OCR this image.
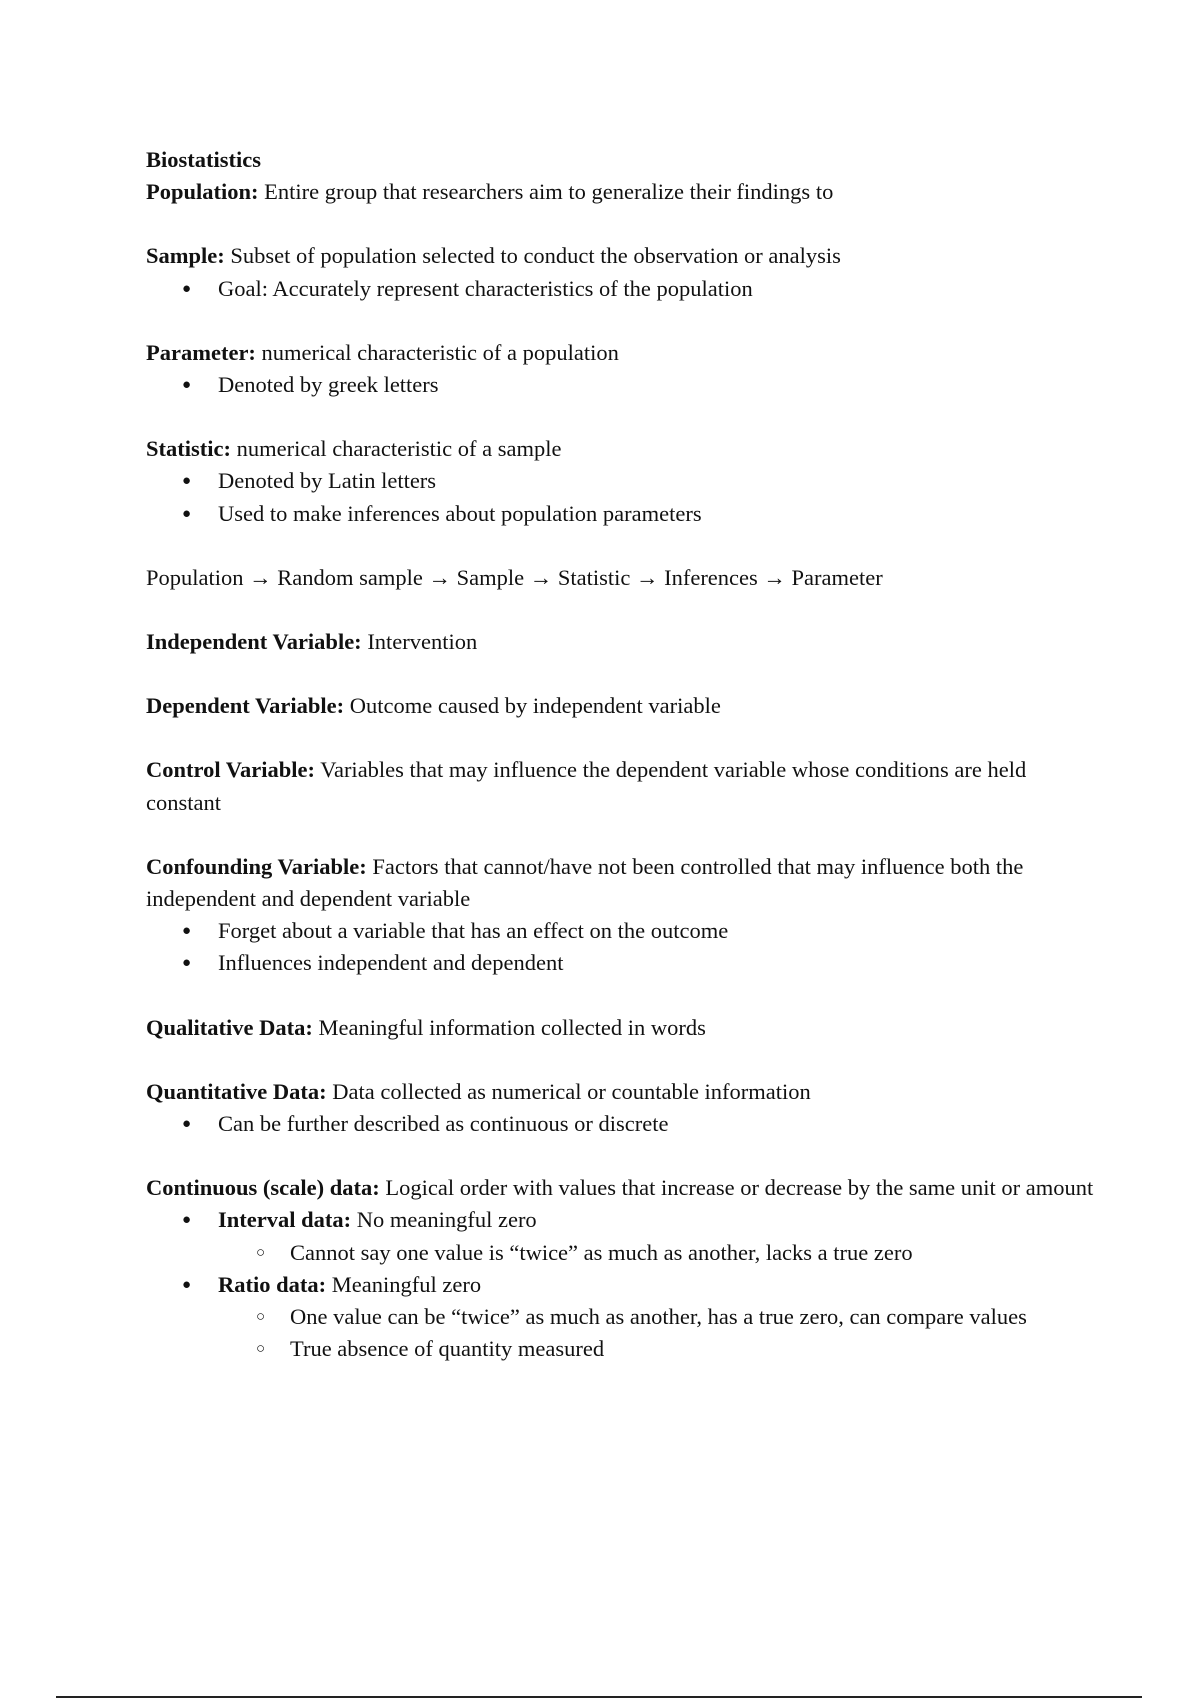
Biostatistics

Population: Entire group that researchers aim to generalize their findings to

Sample: Subset of population selected to conduct the observation or analysis

● Goal: Accurately represent characteristics of the population

Parameter: numerical characteristic of a population

● Denoted by greek letters

Statistic: numerical characteristic of a sample

● Denoted by Latin letters
● Used to make inferences about population parameters

Population → Random sample → Sample → Statistic → Inferences → Parameter

Independent Variable: Intervention

Dependent Variable: Outcome caused by independent variable

Control Variable: Variables that may influence the dependent variable whose conditions are held constant

Confounding Variable: Factors that cannot/have not been controlled that may influence both the independent and dependent variable

● Forget about a variable that has an effect on the outcome
● Influences independent and dependent

Qualitative Data: Meaningful information collected in words

Quantitative Data: Data collected as numerical or countable information

● Can be further described as continuous or discrete

Continuous (scale) data: Logical order with values that increase or decrease by the same unit or amount

● Interval data: No meaningful zero
○ Cannot say one value is “twice” as much as another, lacks a true zero
● Ratio data: Meaningful zero
○ One value can be “twice” as much as another, has a true zero, can compare values
○ True absence of quantity measured
